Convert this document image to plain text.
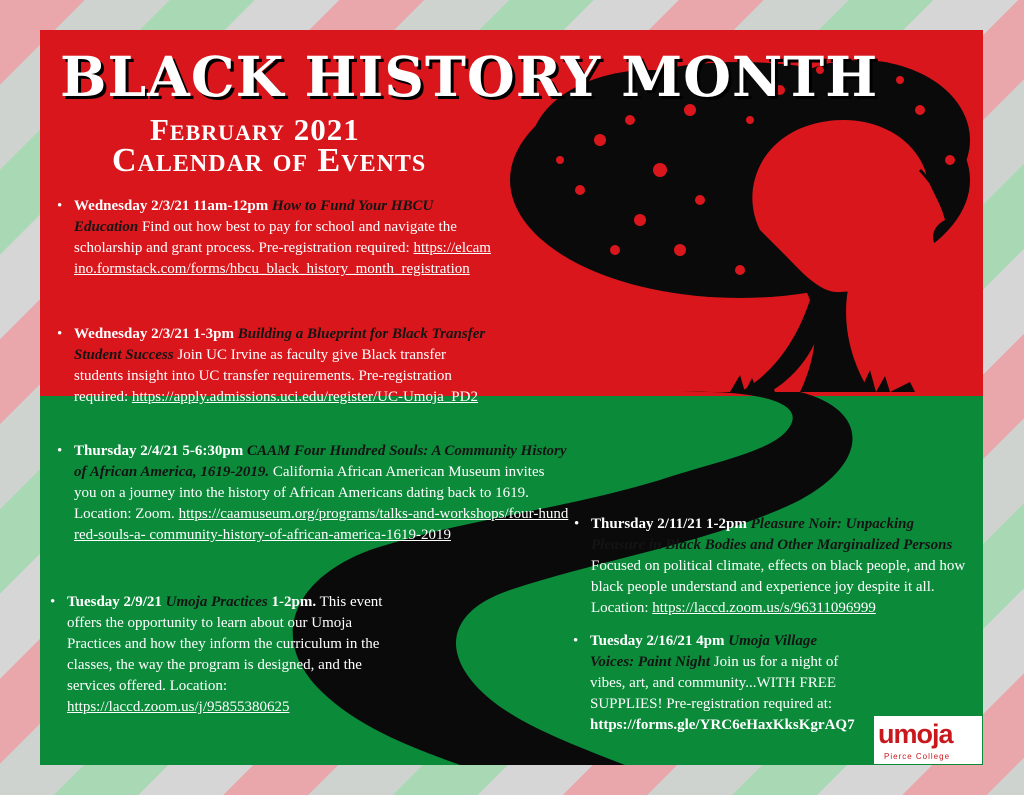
BLACK HISTORY MONTH
February 2021
Calendar of Events
• Wednesday 2/3/21 11am-12pm How to Fund Your HBCU Education Find out how best to pay for school and navigate the scholarship and grant process. Pre-registration required: https://elcamino.formstack.com/forms/hbcu_black_history_month_registration
• Wednesday 2/3/21 1-3pm Building a Blueprint for Black Transfer Student Success Join UC Irvine as faculty give Black transfer students insight into UC transfer requirements. Pre-registration required: https://apply.admissions.uci.edu/register/UC-Umoja_PD2
• Thursday 2/4/21 5-6:30pm CAAM Four Hundred Souls: A Community History of African America, 1619-2019. California African American Museum invites you on a journey into the history of African Americans dating back to 1619. Location: Zoom. https://caamuseum.org/programs/talks-and-workshops/four-hundred-souls-a- community-history-of-african-america-1619-2019
• Tuesday 2/9/21 Umoja Practices 1-2pm. This event offers the opportunity to learn about our Umoja Practices and how they inform the curriculum in the classes, the way the program is designed, and the services offered. Location: https://laccd.zoom.us/j/95855380625
• Thursday 2/11/21 1-2pm Pleasure Noir: Unpacking Pleasure in Black Bodies and Other Marginalized Persons Focused on political climate, effects on black people, and how black people understand and experience joy despite it all. Location: https://laccd.zoom.us/s/96311096999
• Tuesday 2/16/21 4pm Umoja Village Voices: Paint Night Join us for a night of vibes, art, and community...WITH FREE SUPPLIES! Pre-registration required at: https://forms.gle/YRC6eHaxKksKgrAQ7 umoja
Pierce College
